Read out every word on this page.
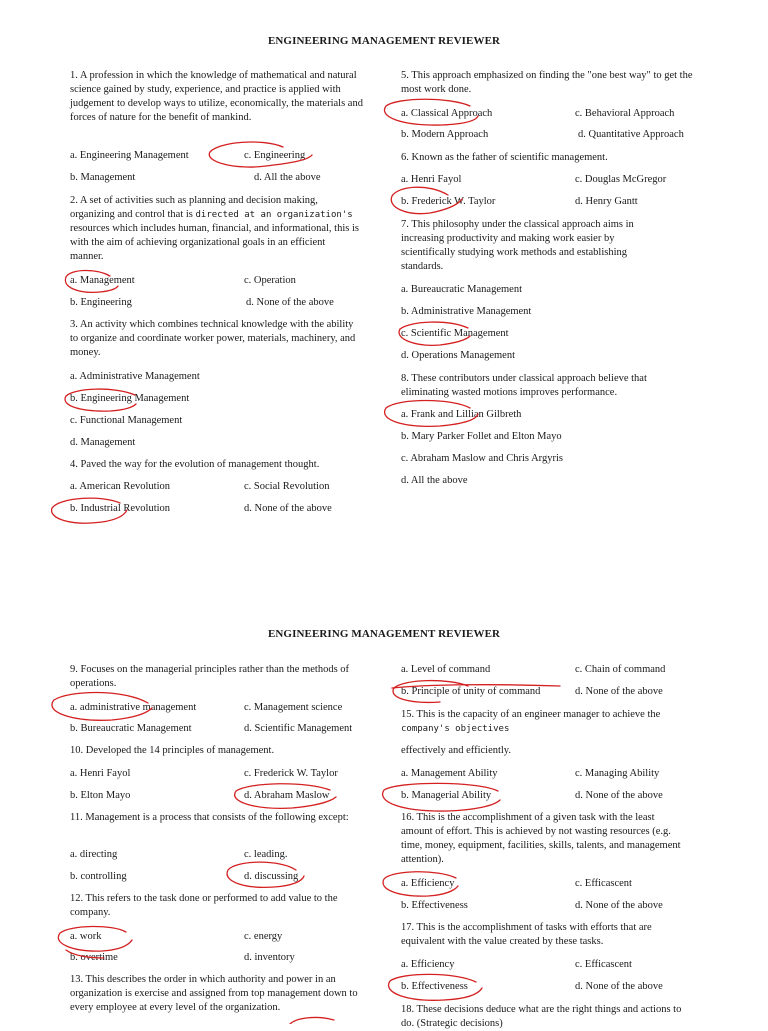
ENGINEERING MANAGEMENT REVIEWER
1. A profession in which the knowledge of mathematical and natural science gained by study, experience, and practice is applied with judgement to develop ways to utilize, economically, the materials and forces of nature for the benefit of mankind.
a. Engineering Management	c. Engineering
b. Management	d. All the above
2. A set of activities such as planning and decision making, organizing and control that is directed at an organization's resources which includes human, financial, and informational, this is with the aim of achieving organizational goals in an efficient manner.
a. Management	c. Operation
b. Engineering	d. None of the above
3. An activity which combines technical knowledge with the ability to organize and coordinate worker power, materials, machinery, and money.
a. Administrative Management
b. Engineering Management
c. Functional Management
d. Management
4. Paved the way for the evolution of management thought.
a. American Revolution	c. Social Revolution
b. Industrial Revolution	d. None of the above
5. This approach emphasized on finding the "one best way" to get the most work done.
a. Classical Approach	c. Behavioral Approach
b. Modern Approach	d. Quantitative Approach
6. Known as the father of scientific management.
a. Henri Fayol	c. Douglas McGregor
b. Frederick W. Taylor	d. Henry Gantt
7. This philosophy under the classical approach aims in increasing productivity and making work easier by scientifically studying work methods and establishing standards.
a. Bureaucratic Management
b. Administrative Management
c. Scientific Management
d. Operations Management
8. These contributors under classical approach believe that eliminating wasted motions improves performance.
a. Frank and Lillian Gilbreth
b. Mary Parker Follet and Elton Mayo
c. Abraham Maslow and Chris Argyris
d. All the above
ENGINEERING MANAGEMENT REVIEWER
9. Focuses on the managerial principles rather than the methods of operations.
a. administrative management	c. Management science
b. Bureaucratic Management	d. Scientific Management
10. Developed the 14 principles of management.
a. Henri Fayol	c. Frederick W. Taylor
b. Elton Mayo	d. Abraham Maslow
11. Management is a process that consists of the following except:
a. directing	c. leading.
b. controlling	d. discussing
12. This refers to the task done or performed to add value to the company.
a. work	c. energy
b. overtime	d. inventory
13. This describes the order in which authority and power in an organization is exercise and assigned from top management down to every employee at every level of the organization.
a. Level of command	c. Chain of command
b. Principle of unity of command	d. None of the above
15. This is the capacity of an engineer manager to achieve the
company's objectives
effectively and efficiently.
a. Management Ability	c. Managing Ability
b. Managerial Ability	d. None of the above
16. This is the accomplishment of a given task with the least amount of effort. This is achieved by not wasting resources (e.g. time, money, equipment, facilities, skills, talents, and management attention).
a. Efficiency	c. Efficascent
b. Effectiveness	d. None of the above
17. This is the accomplishment of tasks with efforts that are equivalent with the value created by these tasks.
a. Efficiency	c. Efficascent
b. Effectiveness	d. None of the above
18. These decisions deduce what are the right things and actions to do. (Strategic decisions)
